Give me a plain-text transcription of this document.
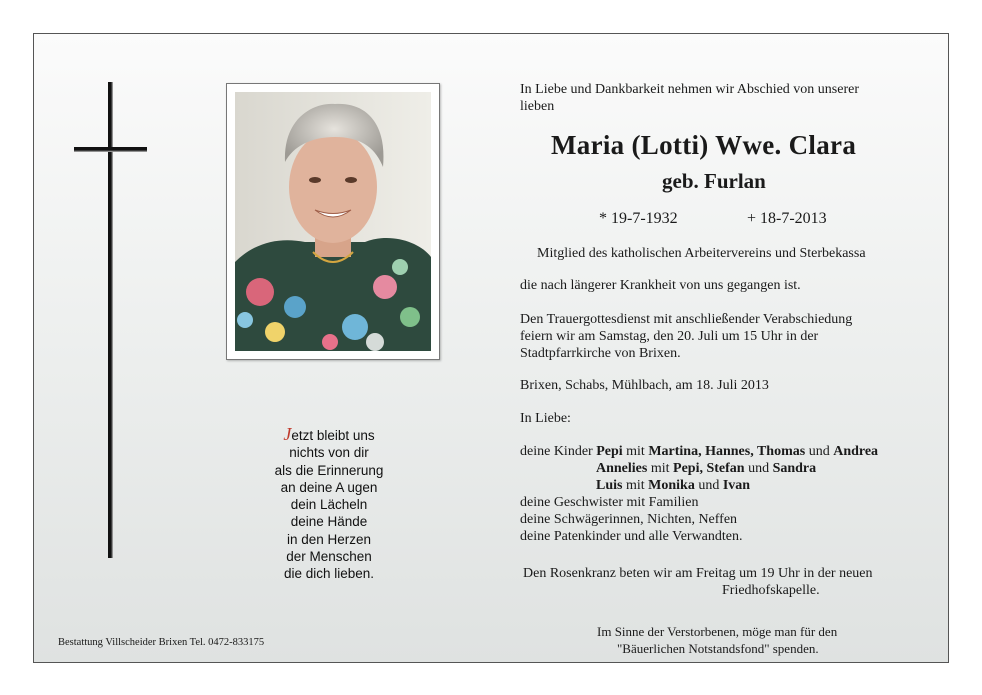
Jetzt bleibt uns
nichts von dir
als die Erinnerung
an deine A ugen
dein Lächeln
deine Hände
in den Herzen
der Menschen
die dich lieben.
Bestattung Villscheider Brixen Tel. 0472-833175
In Liebe und Dankbarkeit nehmen wir Abschied von unserer
lieben
Maria (Lotti) Wwe. Clara
geb. Furlan
* 19-7-1932	+ 18-7-2013
Mitglied des katholischen Arbeitervereins und Sterbekassa
die nach längerer Krankheit von uns gegangen ist.
Den Trauergottesdienst mit anschließender Verabschiedung
feiern wir am Samstag, den 20. Juli um 15 Uhr in der
Stadtpfarrkirche von Brixen.
Brixen, Schabs, Mühlbach, am 18. Juli 2013
In Liebe:
deine Kinder Pepi mit Martina, Hannes, Thomas und Andrea
Annelies mit Pepi, Stefan und Sandra
Luis mit Monika und Ivan
deine Geschwister mit Familien
deine Schwägerinnen, Nichten, Neffen
deine Patenkinder und alle Verwandten.
Den Rosenkranz beten wir am Freitag um 19 Uhr in der neuen
Friedhofskapelle.
Im Sinne der Verstorbenen, möge man für den
"Bäuerlichen Notstandsfond" spenden.
